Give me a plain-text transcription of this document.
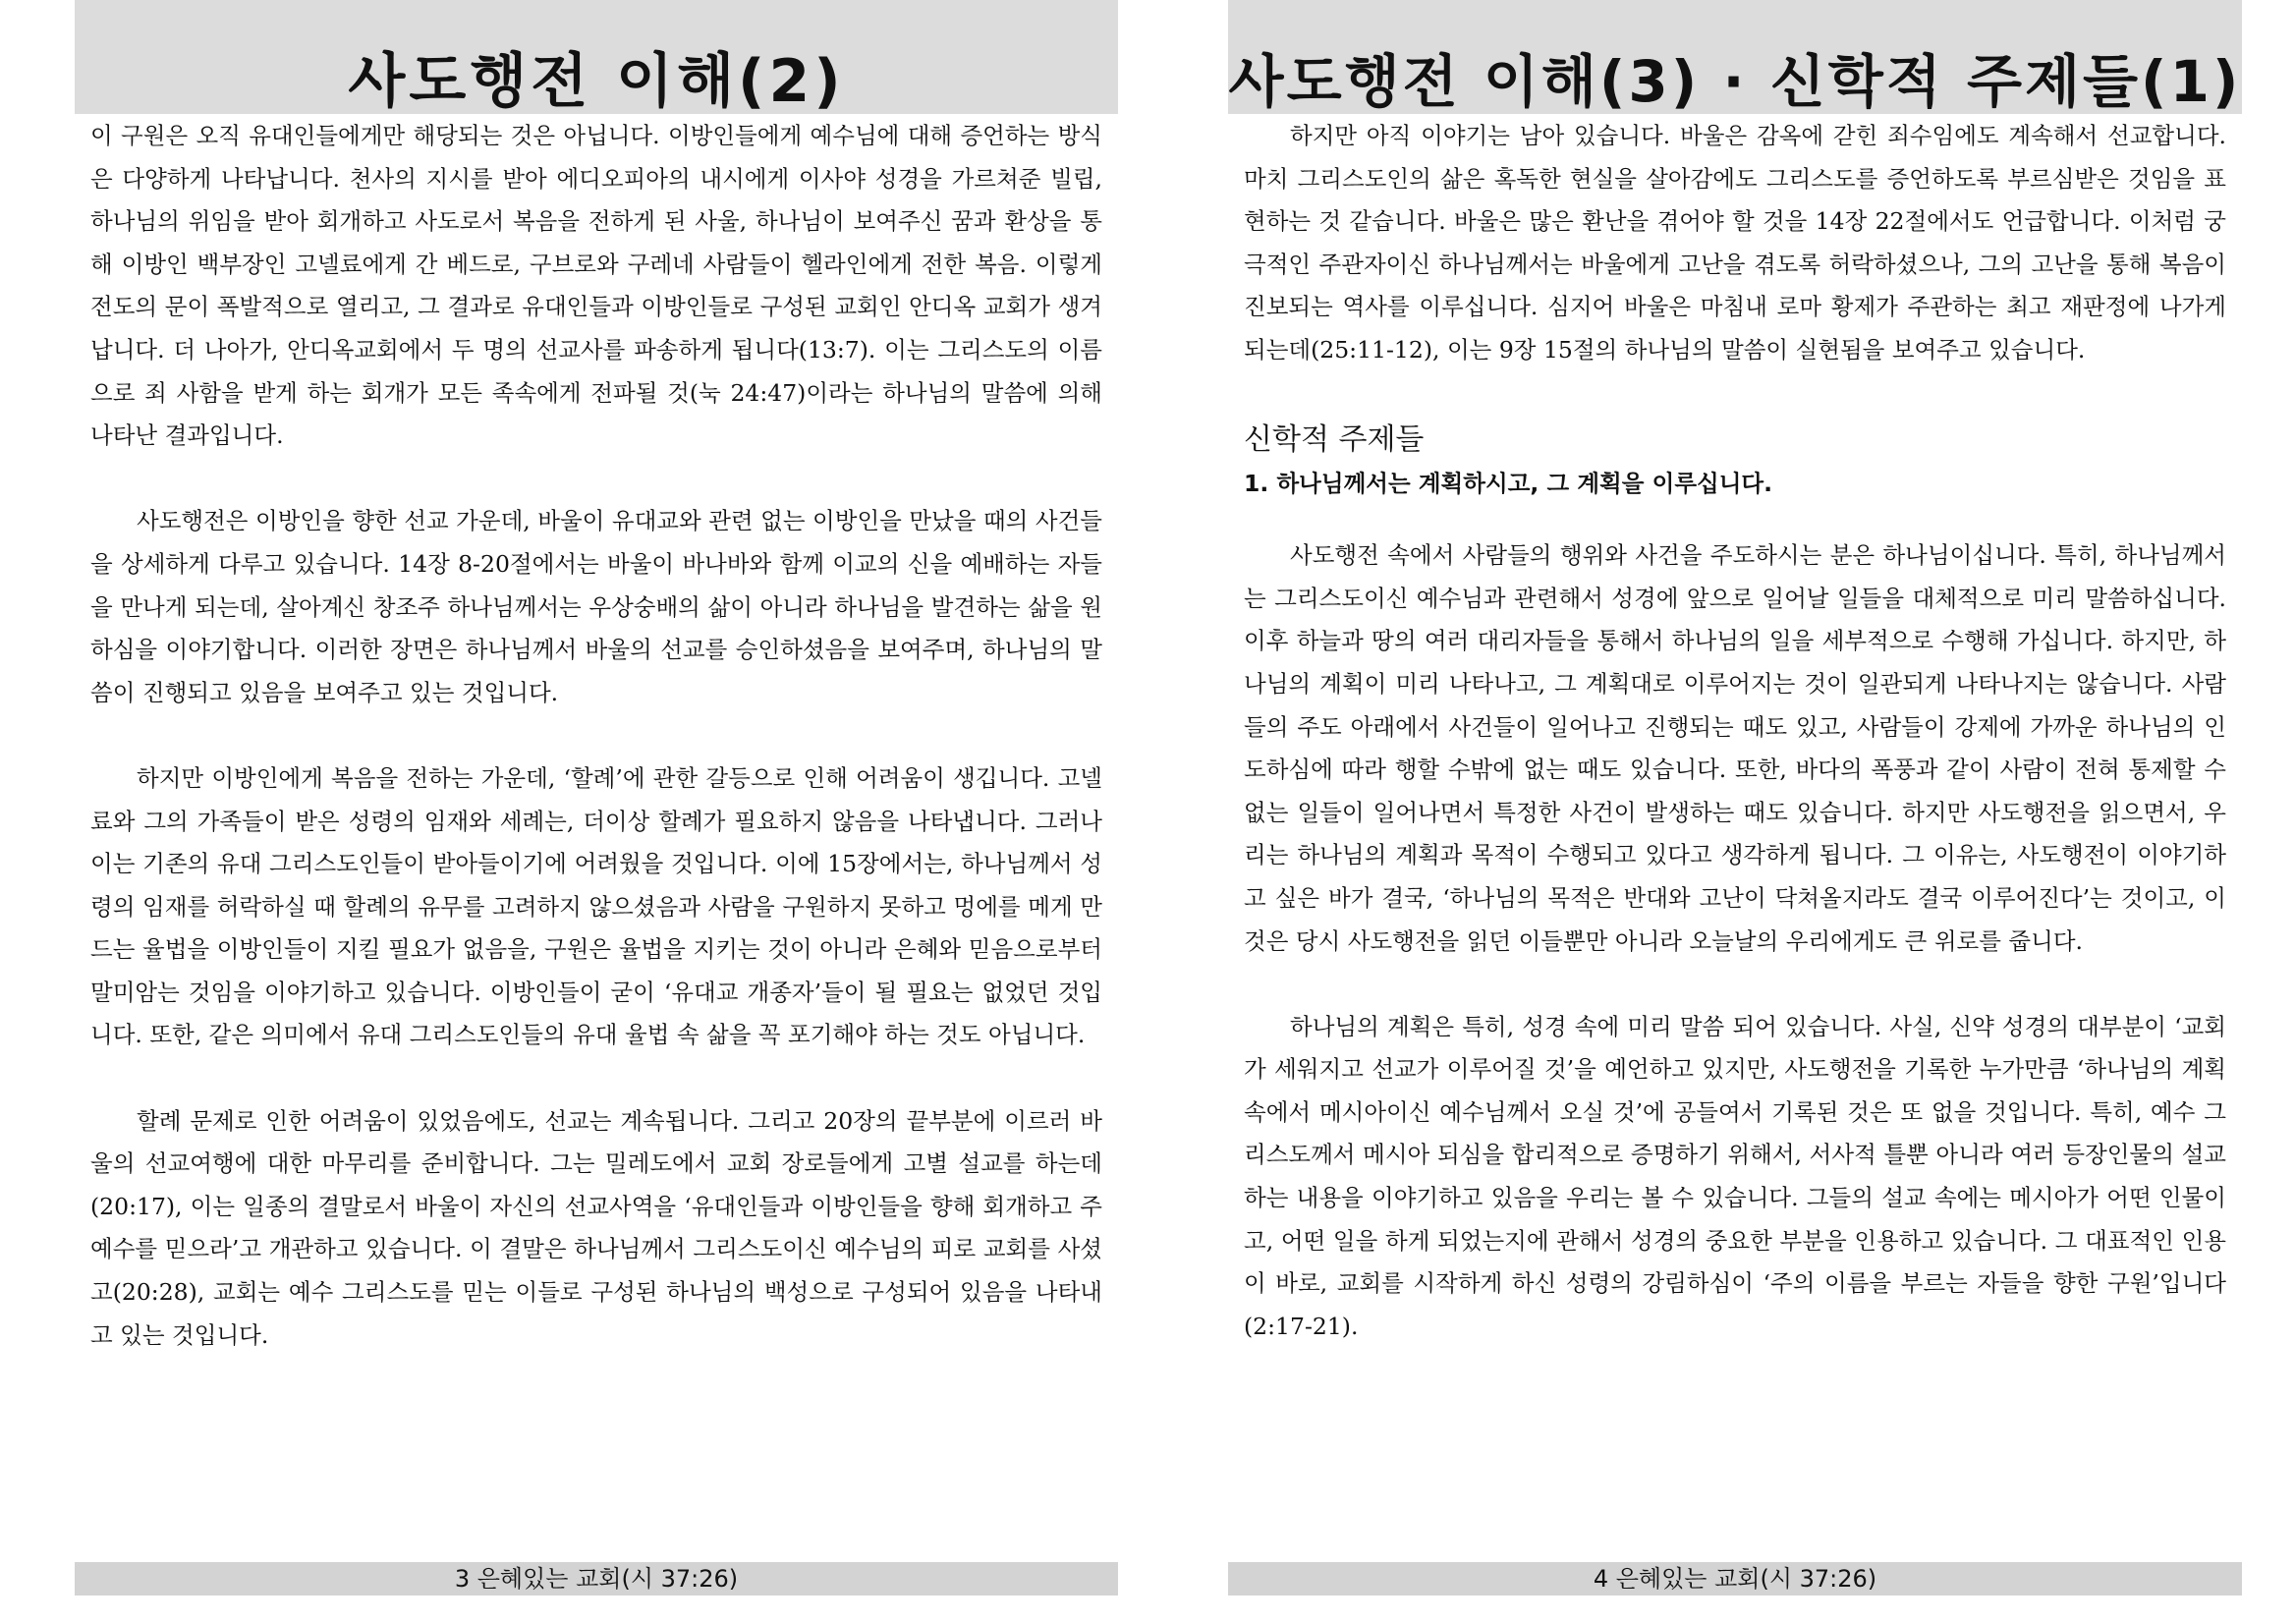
사도행전 이해(2)

이 구원은 오직 유대인들에게만 해당되는 것은 아닙니다. 이방인들에게 예수님에 대해 증언하는 방식은 다양하게 나타납니다. 천사의 지시를 받아 에디오피아의 내시에게 이사야 성경을 가르쳐준 빌립, 하나님의 위임을 받아 회개하고 사도로서 복음을 전하게 된 사울, 하나님이 보여주신 꿈과 환상을 통해 이방인 백부장인 고넬료에게 간 베드로, 구브로와 구레네 사람들이 헬라인에게 전한 복음. 이렇게 전도의 문이 폭발적으로 열리고, 그 결과로 유대인들과 이방인들로 구성된 교회인 안디옥 교회가 생겨납니다. 더 나아가, 안디옥교회에서 두 명의 선교사를 파송하게 됩니다(13:7). 이는 그리스도의 이름으로 죄 사함을 받게 하는 회개가 모든 족속에게 전파될 것(눅 24:47)이라는 하나님의 말씀에 의해 나타난 결과입니다.

사도행전은 이방인을 향한 선교 가운데, 바울이 유대교와 관련 없는 이방인을 만났을 때의 사건들을 상세하게 다루고 있습니다. 14장 8-20절에서는 바울이 바나바와 함께 이교의 신을 예배하는 자들을 만나게 되는데, 살아계신 창조주 하나님께서는 우상숭배의 삶이 아니라 하나님을 발견하는 삶을 원하심을 이야기합니다. 이러한 장면은 하나님께서 바울의 선교를 승인하셨음을 보여주며, 하나님의 말씀이 진행되고 있음을 보여주고 있는 것입니다.

하지만 이방인에게 복음을 전하는 가운데, ‘할례’에 관한 갈등으로 인해 어려움이 생깁니다. 고넬료와 그의 가족들이 받은 성령의 임재와 세례는, 더이상 할례가 필요하지 않음을 나타냅니다. 그러나 이는 기존의 유대 그리스도인들이 받아들이기에 어려웠을 것입니다. 이에 15장에서는, 하나님께서 성령의 임재를 허락하실 때 할례의 유무를 고려하지 않으셨음과 사람을 구원하지 못하고 멍에를 메게 만드는 율법을 이방인들이 지킬 필요가 없음을, 구원은 율법을 지키는 것이 아니라 은혜와 믿음으로부터 말미암는 것임을 이야기하고 있습니다. 이방인들이 굳이 ‘유대교 개종자’들이 될 필요는 없었던 것입니다. 또한, 같은 의미에서 유대 그리스도인들의 유대 율법 속 삶을 꼭 포기해야 하는 것도 아닙니다.

할례 문제로 인한 어려움이 있었음에도, 선교는 계속됩니다. 그리고 20장의 끝부분에 이르러 바울의 선교여행에 대한 마무리를 준비합니다. 그는 밀레도에서 교회 장로들에게 고별 설교를 하는데(20:17), 이는 일종의 결말로서 바울이 자신의 선교사역을 ‘유대인들과 이방인들을 향해 회개하고 주 예수를 믿으라’고 개관하고 있습니다. 이 결말은 하나님께서 그리스도이신 예수님의 피로 교회를 사셨고(20:28), 교회는 예수 그리스도를 믿는 이들로 구성된 하나님의 백성으로 구성되어 있음을 나타내고 있는 것입니다.

3 은혜있는 교회(시 37:26)
사도행전 이해(3) · 신학적 주제들(1)

하지만 아직 이야기는 남아 있습니다. 바울은 감옥에 갇힌 죄수임에도 계속해서 선교합니다. 마치 그리스도인의 삶은 혹독한 현실을 살아감에도 그리스도를 증언하도록 부르심받은 것임을 표현하는 것 같습니다. 바울은 많은 환난을 겪어야 할 것을 14장 22절에서도 언급합니다. 이처럼 궁극적인 주관자이신 하나님께서는 바울에게 고난을 겪도록 허락하셨으나, 그의 고난을 통해 복음이 진보되는 역사를 이루십니다. 심지어 바울은 마침내 로마 황제가 주관하는 최고 재판정에 나가게 되는데(25:11-12), 이는 9장 15절의 하나님의 말씀이 실현됨을 보여주고 있습니다.

신학적 주제들
1. 하나님께서는 계획하시고, 그 계획을 이루십니다.

사도행전 속에서 사람들의 행위와 사건을 주도하시는 분은 하나님이십니다. 특히, 하나님께서는 그리스도이신 예수님과 관련해서 성경에 앞으로 일어날 일들을 대체적으로 미리 말씀하십니다. 이후 하늘과 땅의 여러 대리자들을 통해서 하나님의 일을 세부적으로 수행해 가십니다. 하지만, 하나님의 계획이 미리 나타나고, 그 계획대로 이루어지는 것이 일관되게 나타나지는 않습니다. 사람들의 주도 아래에서 사건들이 일어나고 진행되는 때도 있고, 사람들이 강제에 가까운 하나님의 인도하심에 따라 행할 수밖에 없는 때도 있습니다. 또한, 바다의 폭풍과 같이 사람이 전혀 통제할 수 없는 일들이 일어나면서 특정한 사건이 발생하는 때도 있습니다. 하지만 사도행전을 읽으면서, 우리는 하나님의 계획과 목적이 수행되고 있다고 생각하게 됩니다. 그 이유는, 사도행전이 이야기하고 싶은 바가 결국, ‘하나님의 목적은 반대와 고난이 닥쳐올지라도 결국 이루어진다’는 것이고, 이것은 당시 사도행전을 읽던 이들뿐만 아니라 오늘날의 우리에게도 큰 위로를 줍니다.

하나님의 계획은 특히, 성경 속에 미리 말씀 되어 있습니다. 사실, 신약 성경의 대부분이 ‘교회가 세워지고 선교가 이루어질 것’을 예언하고 있지만, 사도행전을 기록한 누가만큼 ‘하나님의 계획 속에서 메시아이신 예수님께서 오실 것’에 공들여서 기록된 것은 또 없을 것입니다. 특히, 예수 그리스도께서 메시아 되심을 합리적으로 증명하기 위해서, 서사적 틀뿐 아니라 여러 등장인물의 설교하는 내용을 이야기하고 있음을 우리는 볼 수 있습니다. 그들의 설교 속에는 메시아가 어떤 인물이고, 어떤 일을 하게 되었는지에 관해서 성경의 중요한 부분을 인용하고 있습니다. 그 대표적인 인용이 바로, 교회를 시작하게 하신 성령의 강림하심이 ‘주의 이름을 부르는 자들을 향한 구원’입니다(2:17-21).

4 은혜있는 교회(시 37:26)
